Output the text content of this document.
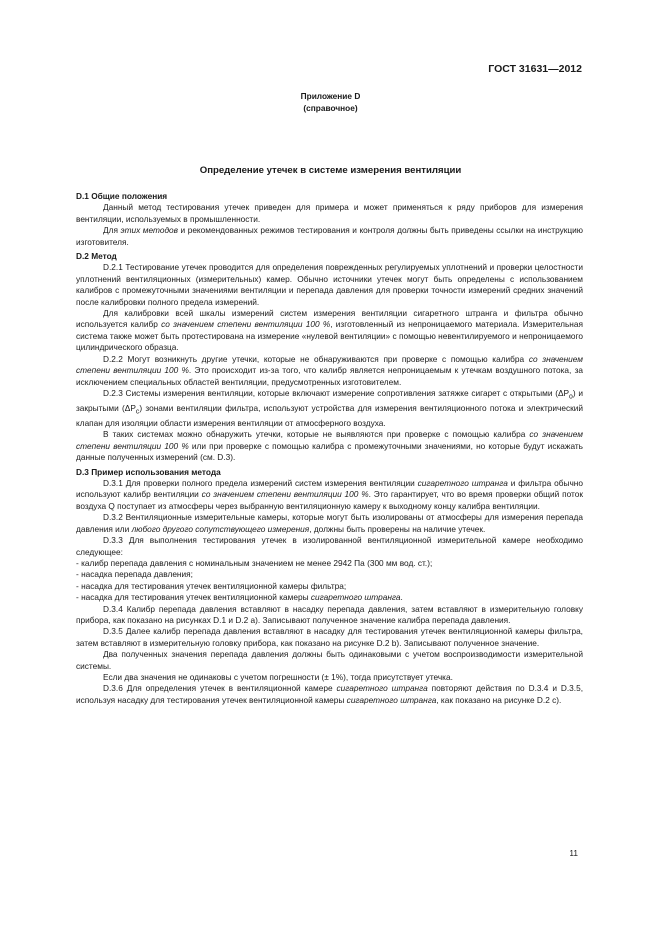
ГОСТ 31631—2012
Приложение D
(справочное)
Определение утечек в системе измерения вентиляции

D.1 Общие положения

Данный метод тестирования утечек приведен для примера и может применяться к ряду приборов для измерения вентиляции, используемых в промышленности.

Для этих методов и рекомендованных режимов тестирования и контроля должны быть приведены ссылки на инструкцию изготовителя.

D.2 Метод

D.2.1 Тестирование утечек проводится для определения поврежденных регулируемых уплотнений и проверки целостности уплотнений вентиляционных (измерительных) камер. Обычно источники утечек могут быть определены с использованием калибров с промежуточными значениями вентиляции и перепада давления для проверки точности измерений средних значений после калибровки полного предела измерений.

Для калибровки всей шкалы измерений систем измерения вентиляции сигаретного штранга и фильтра обычно используется калибр со значением степени вентиляции 100 %, изготовленный из непроницаемого материала. Измерительная система также может быть протестирована на измерение «нулевой вентиляции» с помощью невентилируемого и непроницаемого цилиндрического образца.

D.2.2 Могут возникнуть другие утечки, которые не обнаруживаются при проверке с помощью калибра со значением степени вентиляции 100 %. Это происходит из-за того, что калибр является непроницаемым к утечкам воздушного потока, за исключением специальных областей вентиляции, предусмотренных изготовителем.

D.2.3 Системы измерения вентиляции, которые включают измерение сопротивления затяжке сигарет с открытыми $(\Delta P_o)$ и закрытыми $(\Delta P_c)$ зонами вентиляции фильтра, используют устройства для измерения вентиляционного потока и электрический клапан для изоляции области измерения вентиляции от атмосферного воздуха.

В таких системах можно обнаружить утечки, которые не выявляются при проверке с помощью калибра со значением степени вентиляции 100 % или при проверке с помощью калибра с промежуточными значениями, но которые будут искажать данные полученных измерений (см. D.3).

D.3 Пример использования метода

D.3.1 Для проверки полного предела измерений систем измерения вентиляции сигаретного штранга и фильтра обычно используют калибр вентиляции со значением степени вентиляции 100 %. Это гарантирует, что во время проверки общий поток воздуха Q поступает из атмосферы через выбранную вентиляционную камеру к выходному концу калибра вентиляции.

D.3.2 Вентиляционные измерительные камеры, которые могут быть изолированы от атмосферы для измерения перепада давления или любого другого сопутствующего измерения, должны быть проверены на наличие утечек.

D.3.3 Для выполнения тестирования утечек в изолированной вентиляционной измерительной камере необходимо следующее:

- калибр перепада давления с номинальным значением не менее 2942 Па (300 мм вод. ст.);

- насадка перепада давления;

- насадка для тестирования утечек вентиляционной камеры фильтра;

- насадка для тестирования утечек вентиляционной камеры сигаретного штранга.

D.3.4 Калибр перепада давления вставляют в насадку перепада давления, затем вставляют в измерительную головку прибора, как показано на рисунках D.1 и D.2 а). Записывают полученное значение калибра перепада давления.

D.3.5 Далее калибр перепада давления вставляют в насадку для тестирования утечек вентиляционной камеры фильтра, затем вставляют в измерительную головку прибора, как показано на рисунке D.2 b). Записывают полученное значение.

Два полученных значения перепада давления должны быть одинаковыми с учетом воспроизводимости измерительной системы.

Если два значения не одинаковы с учетом погрешности (± 1%), тогда присутствует утечка.

D.3.6 Для определения утечек в вентиляционной камере сигаретного штранга повторяют действия по D.3.4 и D.3.5, используя насадку для тестирования утечек вентиляционной камеры сигаретного штранга, как показано на рисунке D.2 c).

11
